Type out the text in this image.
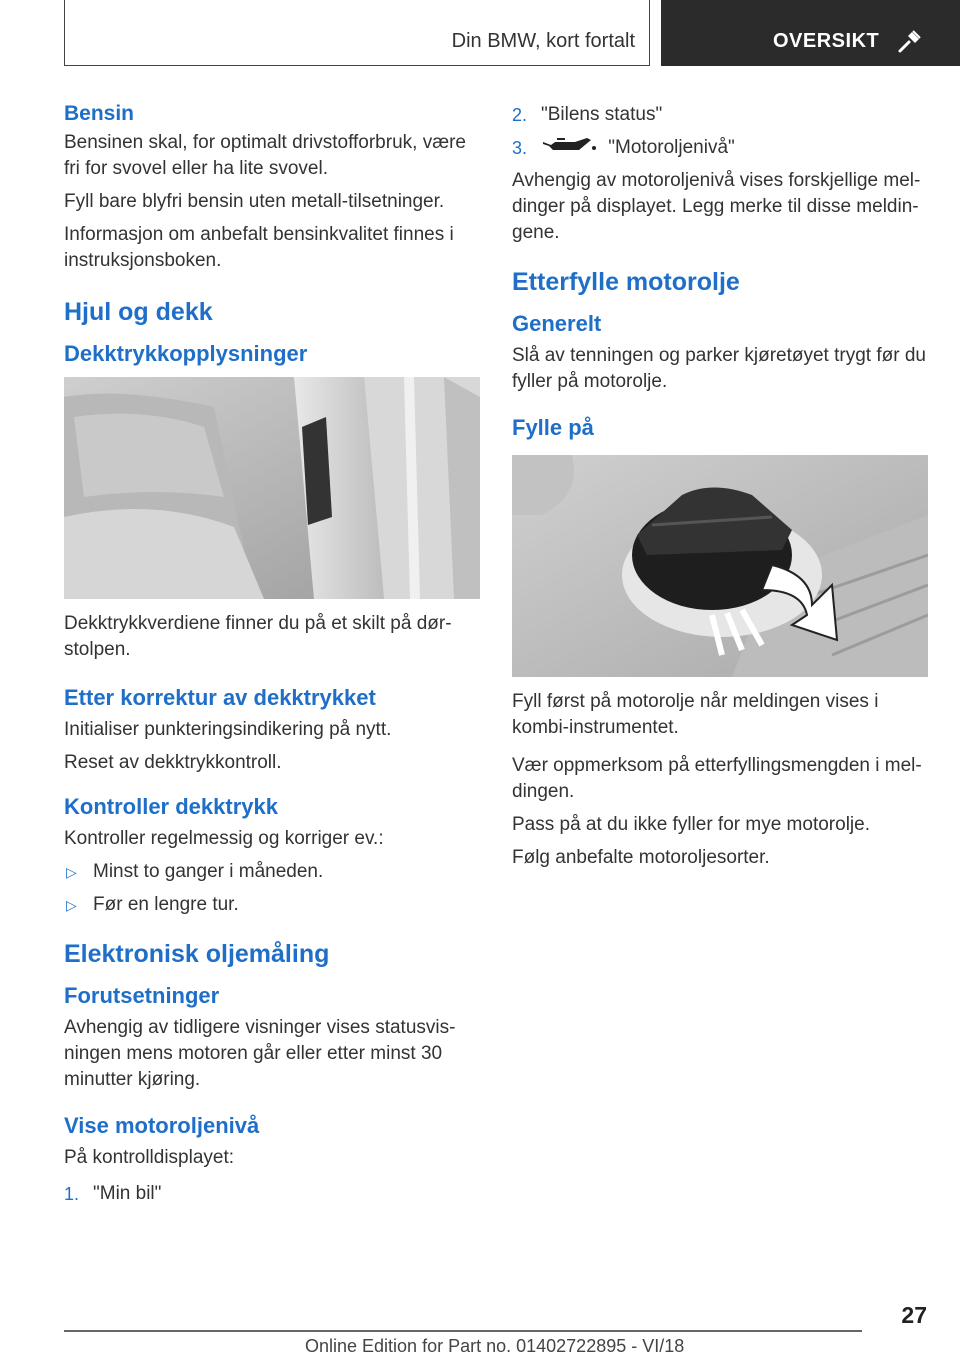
Din BMW, kort fortalt	OVERSIKT
Bensin

Bensinen skal, for optimalt drivstofforbruk, være fri for svovel eller ha lite svovel.

Fyll bare blyfri bensin uten metall-tilsetninger.

Informasjon om anbefalt bensinkvalitet finnes i instruksjonsboken.

Hjul og dekk
Dekktrykkopplysninger

Dekktrykkverdiene finner du på et skilt på dørstolpen.

Etter korrektur av dekktrykket

Initialiser punkteringsindikering på nytt.

Reset av dekktrykkontroll.

Kontroller dekktrykk

Kontroller regelmessig og korriger ev.:

▷ Minst to ganger i måneden.
▷ Før en lengre tur.
Elektronisk oljemåling
Forutsetninger

Avhengig av tidligere visninger vises statusvisningen mens motoren går eller etter minst 30 minutter kjøring.

Vise motoroljenivå

På kontrolldisplayet:

1. "Min bil"
2. "Bilens status"
3.	"Motoroljenivå"

Avhengig av motoroljenivå vises forskjellige meldinger på displayet. Legg merke til disse meldingene.

Etterfylle motorolje
Generelt

Slå av tenningen og parker kjøretøyet trygt før du fyller på motorolje.

Fylle på

Fyll først på motorolje når meldingen vises i kombi-instrumentet.

Vær oppmerksom på etterfyllingsmengden i meldingen.

Pass på at du ikke fyller for mye motorolje.

Følg anbefalte motoroljesorter.

27
Online Edition for Part no. 01402722895 - VI/18
